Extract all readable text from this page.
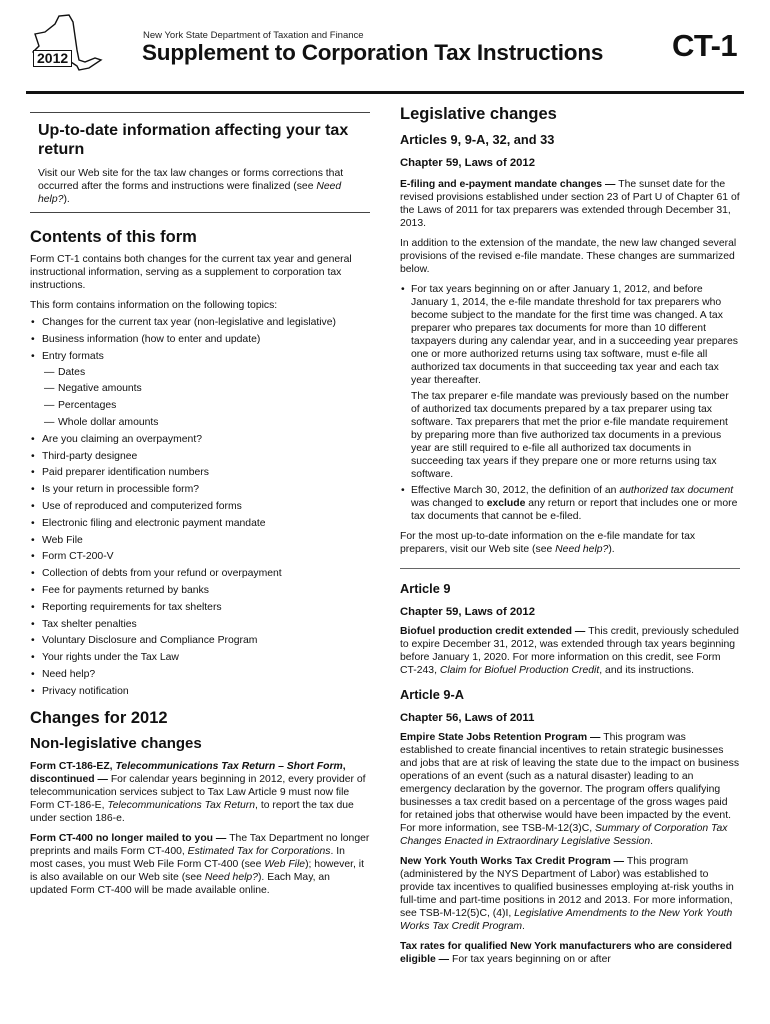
2012
New York State Department of Taxation and Finance
Supplement to Corporation Tax Instructions CT-1
Up-to-date information affecting your tax return

Visit our Web site for the tax law changes or forms corrections that occurred after the forms and instructions were finalized (see Need help?).

Contents of this form

Form CT-1 contains both changes for the current tax year and general instructional information, serving as a supplement to corporation tax instructions.

This form contains information on the following topics:

• Changes for the current tax year (non-legislative and legislative)
• Business information (how to enter and update)
• Entry formats
— Dates
— Negative amounts
— Percentages
— Whole dollar amounts
• Are you claiming an overpayment?
• Third-party designee
• Paid preparer identification numbers
• Is your return in processible form?
• Use of reproduced and computerized forms
• Electronic filing and electronic payment mandate
• Web File
• Form CT-200-V
• Collection of debts from your refund or overpayment
• Fee for payments returned by banks
• Reporting requirements for tax shelters
• Tax shelter penalties
• Voluntary Disclosure and Compliance Program
• Your rights under the Tax Law
• Need help?
• Privacy notification
Changes for 2012
Non-legislative changes

Form CT-186-EZ, Telecommunications Tax Return – Short Form, discontinued — For calendar years beginning in 2012, every provider of telecommunication services subject to Tax Law Article 9 must now file Form CT-186-E, Telecommunications Tax Return, to report the tax due under section 186-e.

Form CT-400 no longer mailed to you — The Tax Department no longer preprints and mails Form CT-400, Estimated Tax for Corporations. In most cases, you must Web File Form CT-400 (see Web File); however, it is also available on our Web site (see Need help?). Each May, an updated Form CT-400 will be made available online.

Legislative changes
Articles 9, 9-A, 32, and 33
Chapter 59, Laws of 2012

E-filing and e-payment mandate changes — The sunset date for the revised provisions established under section 23 of Part U of Chapter 61 of the Laws of 2011 for tax preparers was extended through December 31, 2013.

In addition to the extension of the mandate, the new law changed several provisions of the revised e-file mandate. These changes are summarized below.

• For tax years beginning on or after January 1, 2012, and before January 1, 2014, the e-file mandate threshold for tax preparers who become subject to the mandate for the first time was changed. A tax preparer who prepares tax documents for more than 10 different taxpayers during any calendar year, and in a succeeding year prepares one or more authorized returns using tax software, must e-file all authorized tax documents in that succeeding tax year and each tax year thereafter.

The tax preparer e-file mandate was previously based on the number of authorized tax documents prepared by a tax preparer using tax software. Tax preparers that met the prior e-file mandate requirement by preparing more than five authorized tax documents in a previous year are still required to e-file all authorized tax documents in succeeding tax years if they prepare one or more returns using tax software.

• Effective March 30, 2012, the definition of an authorized tax document was changed to exclude any return or report that includes one or more tax documents that cannot be e-filed.

For the most up-to-date information on the e-file mandate for tax preparers, visit our Web site (see Need help?).

Article 9
Chapter 59, Laws of 2012

Biofuel production credit extended — This credit, previously scheduled to expire December 31, 2012, was extended through tax years beginning before January 1, 2020. For more information on this credit, see Form CT-243, Claim for Biofuel Production Credit, and its instructions.

Article 9-A
Chapter 56, Laws of 2011

Empire State Jobs Retention Program — This program was established to create financial incentives to retain strategic businesses and jobs that are at risk of leaving the state due to the impact on business operations of an event (such as a natural disaster) leading to an emergency declaration by the governor. The program offers qualifying businesses a tax credit based on a percentage of the gross wages paid for retained jobs that otherwise would have been impacted by the event. For more information, see TSB-M-12(3)C, Summary of Corporation Tax Changes Enacted in Extraordinary Legislative Session.

New York Youth Works Tax Credit Program — This program (administered by the NYS Department of Labor) was established to provide tax incentives to qualified businesses employing at-risk youths in full-time and part-time positions in 2012 and 2013. For more information, see TSB-M-12(5)C, (4)I, Legislative Amendments to the New York Youth Works Tax Credit Program.

Tax rates for qualified New York manufacturers who are considered eligible — For tax years beginning on or after
